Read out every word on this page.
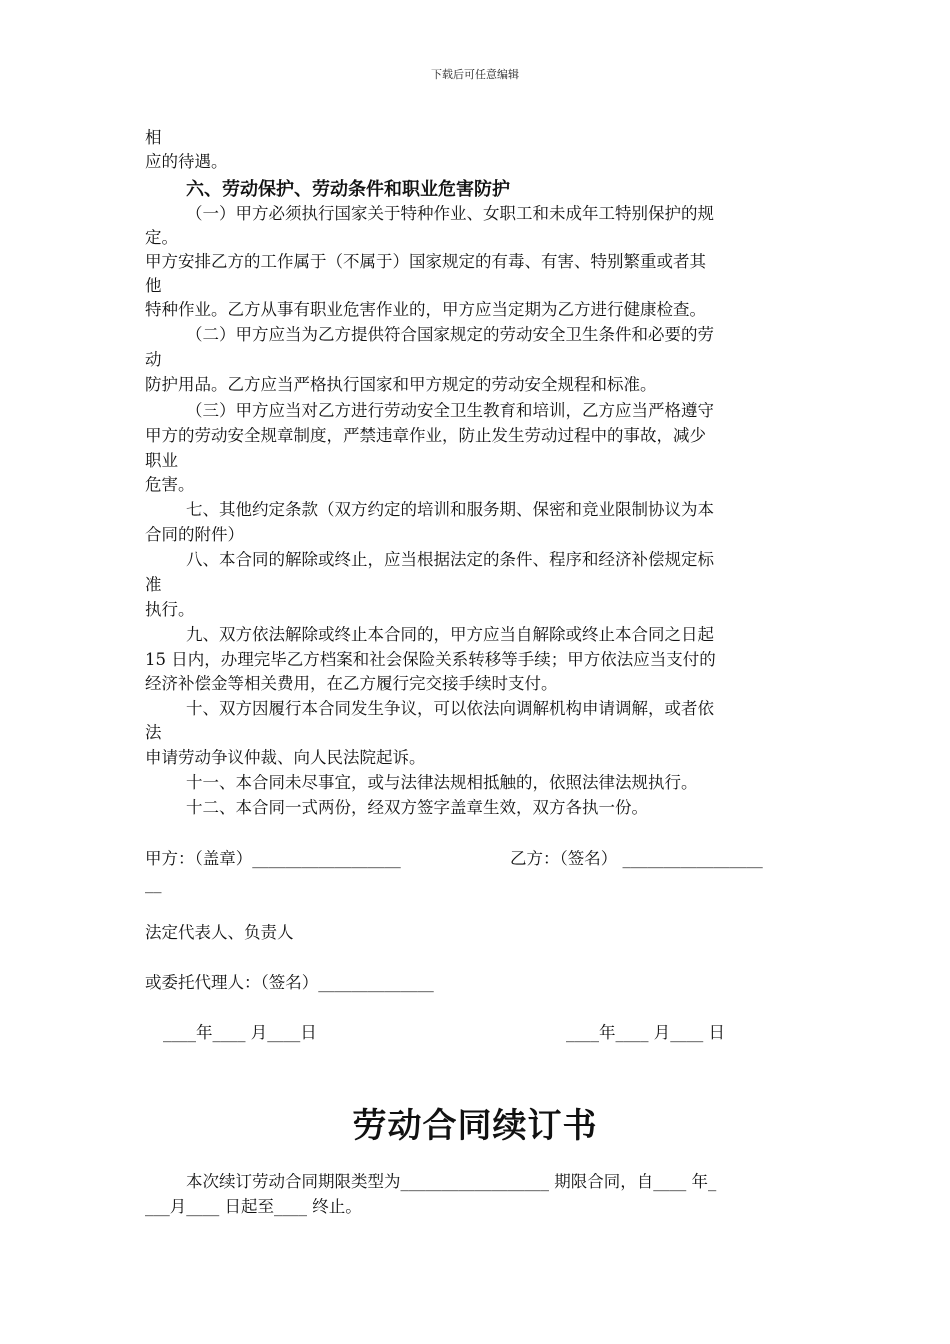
下载后可任意编辑
相
应的待遇。
六、劳动保护、劳动条件和职业危害防护
（一）甲方必须执行国家关于特种作业、女职工和未成年工特别保护的规
定。
甲方安排乙方的工作属于（不属于）国家规定的有毒、有害、特别繁重或者其
他
特种作业。乙方从事有职业危害作业的，甲方应当定期为乙方进行健康检查。
（二）甲方应当为乙方提供符合国家规定的劳动安全卫生条件和必要的劳
动
防护用品。乙方应当严格执行国家和甲方规定的劳动安全规程和标准。
（三）甲方应当对乙方进行劳动安全卫生教育和培训，乙方应当严格遵守
甲方的劳动安全规章制度，严禁违章作业，防止发生劳动过程中的事故，减少
职业
危害。
七、其他约定条款（双方约定的培训和服务期、保密和竞业限制协议为本
合同的附件）
八、本合同的解除或终止，应当根据法定的条件、程序和经济补偿规定标
准
执行。
九、双方依法解除或终止本合同的，甲方应当自解除或终止本合同之日起
15 日内，办理完毕乙方档案和社会保险关系转移等手续；甲方依法应当支付的
经济补偿金等相关费用，在乙方履行完交接手续时支付。
十、双方因履行本合同发生争议，可以依法向调解机构申请调解，或者依
法
申请劳动争议仲裁、向人民法院起诉。
十一、本合同未尽事宜，或与法律法规相抵触的，依照法律法规执行。
十二、本合同一式两份，经双方签字盖章生效，双方各执一份。
甲方：（盖章）__________________	乙方：（签名） _________________
__
法定代表人、负责人
或委托代理人：（签名）______________
____年____ 月____日	____年____ 月____ 日
劳动合同续订书
本次续订劳动合同期限类型为__________________ 期限合同，自____ 年_
___月____ 日起至____ 终止。
